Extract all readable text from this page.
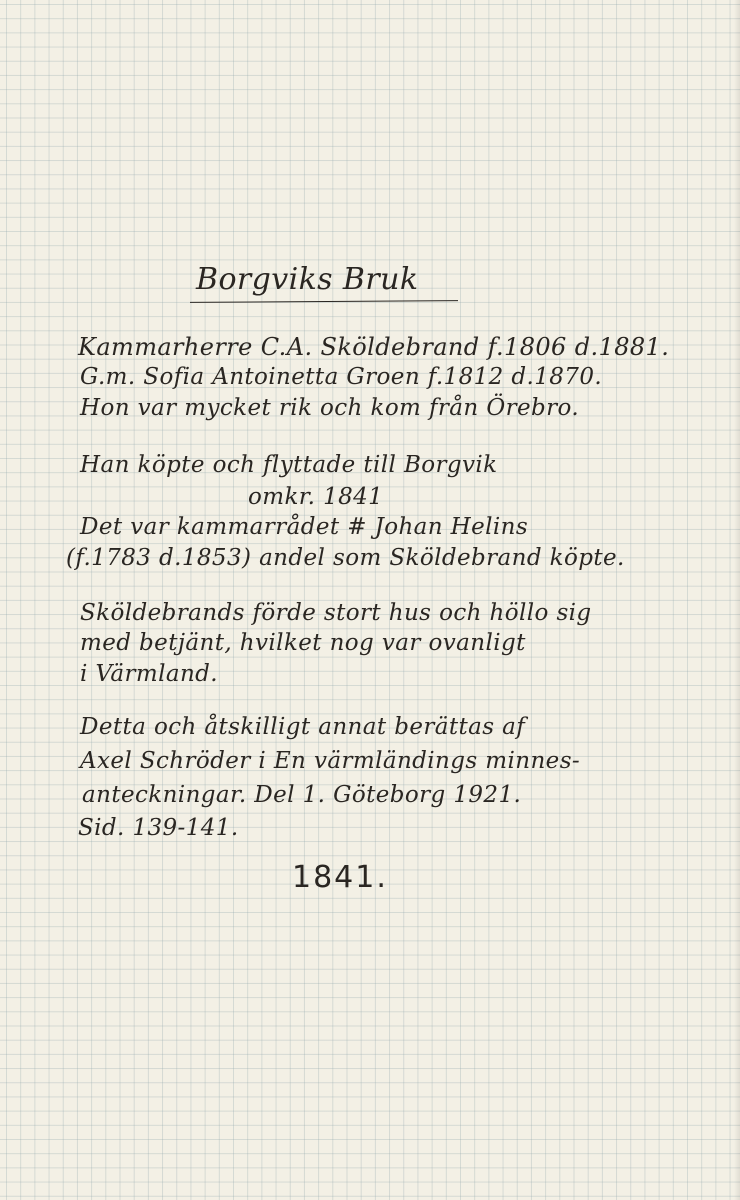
Borgviks Bruk
Kammarherre C.A. Sköldebrand f.1806 d.1881.
G.m. Sofia Antoinetta Groen f.1812 d.1870.
Hon var mycket rik och kom från Örebro.
Han köpte och flyttade till Borgvik
omkr. 1841
Det var kammarrådet # Johan Helins
(f.1783 d.1853) andel som Sköldebrand köpte.
Sköldebrands förde stort hus och höllo sig
med betjänt, hvilket nog var ovanligt
i Värmland.
Detta och åtskilligt annat berättas af
Axel Schröder i En värmländings minnes-
anteckningar. Del 1. Göteborg 1921.
Sid. 139-141.
1841.
